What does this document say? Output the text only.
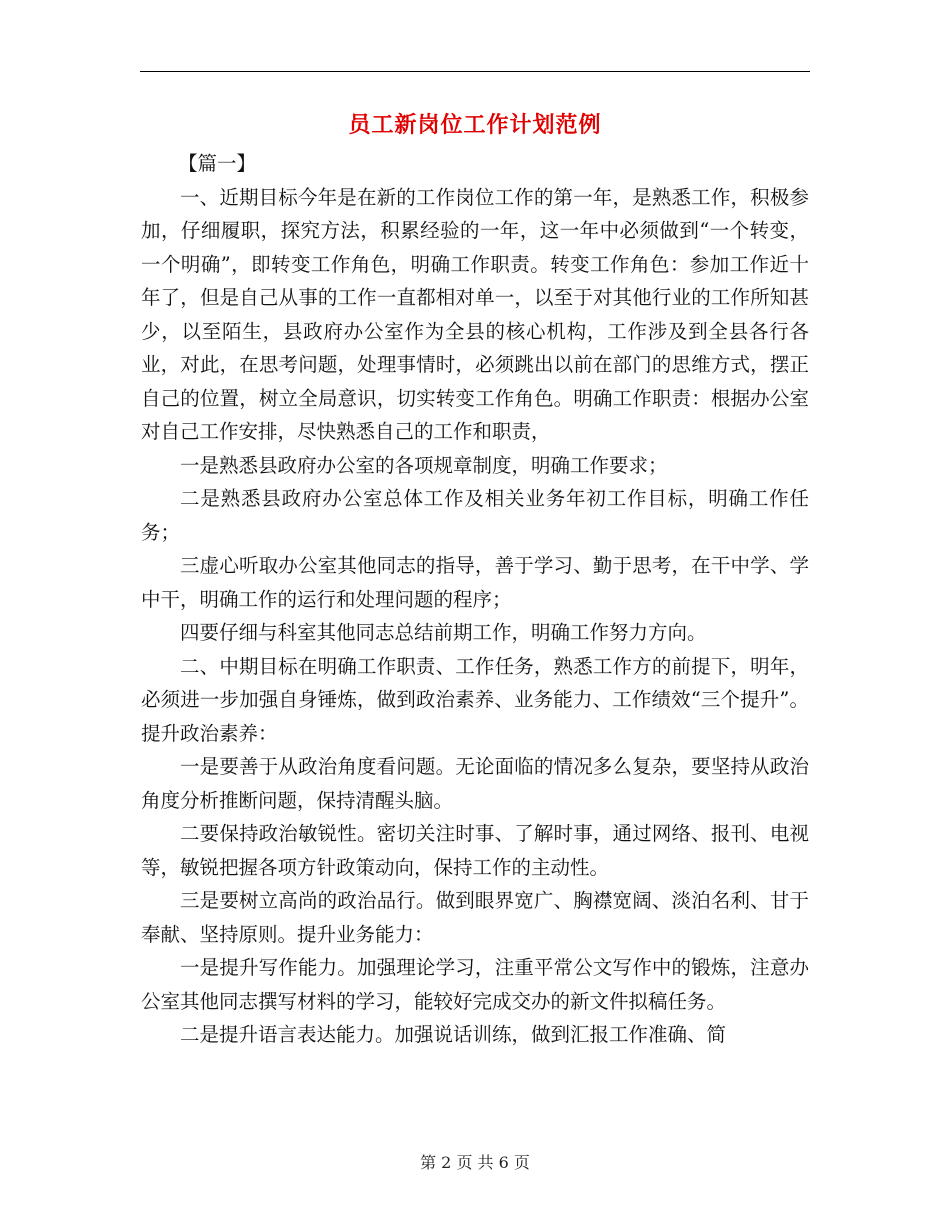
员工新岗位工作计划范例

【篇一】

一、近期目标今年是在新的工作岗位工作的第一年，是熟悉工作，积极参加，仔细履职，探究方法，积累经验的一年，这一年中必须做到“一个转变，一个明确”，即转变工作角色，明确工作职责。转变工作角色：参加工作近十年了，但是自己从事的工作一直都相对单一，以至于对其他行业的工作所知甚少，以至陌生，县政府办公室作为全县的核心机构，工作涉及到全县各行各业，对此，在思考问题，处理事情时，必须跳出以前在部门的思维方式，摆正自己的位置，树立全局意识，切实转变工作角色。明确工作职责：根据办公室对自己工作安排，尽快熟悉自己的工作和职责，

一是熟悉县政府办公室的各项规章制度，明确工作要求；

二是熟悉县政府办公室总体工作及相关业务年初工作目标，明确工作任务；

三虚心听取办公室其他同志的指导，善于学习、勤于思考，在干中学、学中干，明确工作的运行和处理问题的程序；

四要仔细与科室其他同志总结前期工作，明确工作努力方向。

二、中期目标在明确工作职责、工作任务，熟悉工作方的前提下，明年，必须进一步加强自身锤炼，做到政治素养、业务能力、工作绩效“三个提升”。提升政治素养：

一是要善于从政治角度看问题。无论面临的情况多么复杂，要坚持从政治角度分析推断问题，保持清醒头脑。

二要保持政治敏锐性。密切关注时事、了解时事，通过网络、报刊、电视等，敏锐把握各项方针政策动向，保持工作的主动性。

三是要树立高尚的政治品行。做到眼界宽广、胸襟宽阔、淡泊名利、甘于奉献、坚持原则。提升业务能力：

一是提升写作能力。加强理论学习，注重平常公文写作中的锻炼，注意办公室其他同志撰写材料的学习，能较好完成交办的新文件拟稿任务。

二是提升语言表达能力。加强说话训练，做到汇报工作准确、简

第 2 页 共 6 页
